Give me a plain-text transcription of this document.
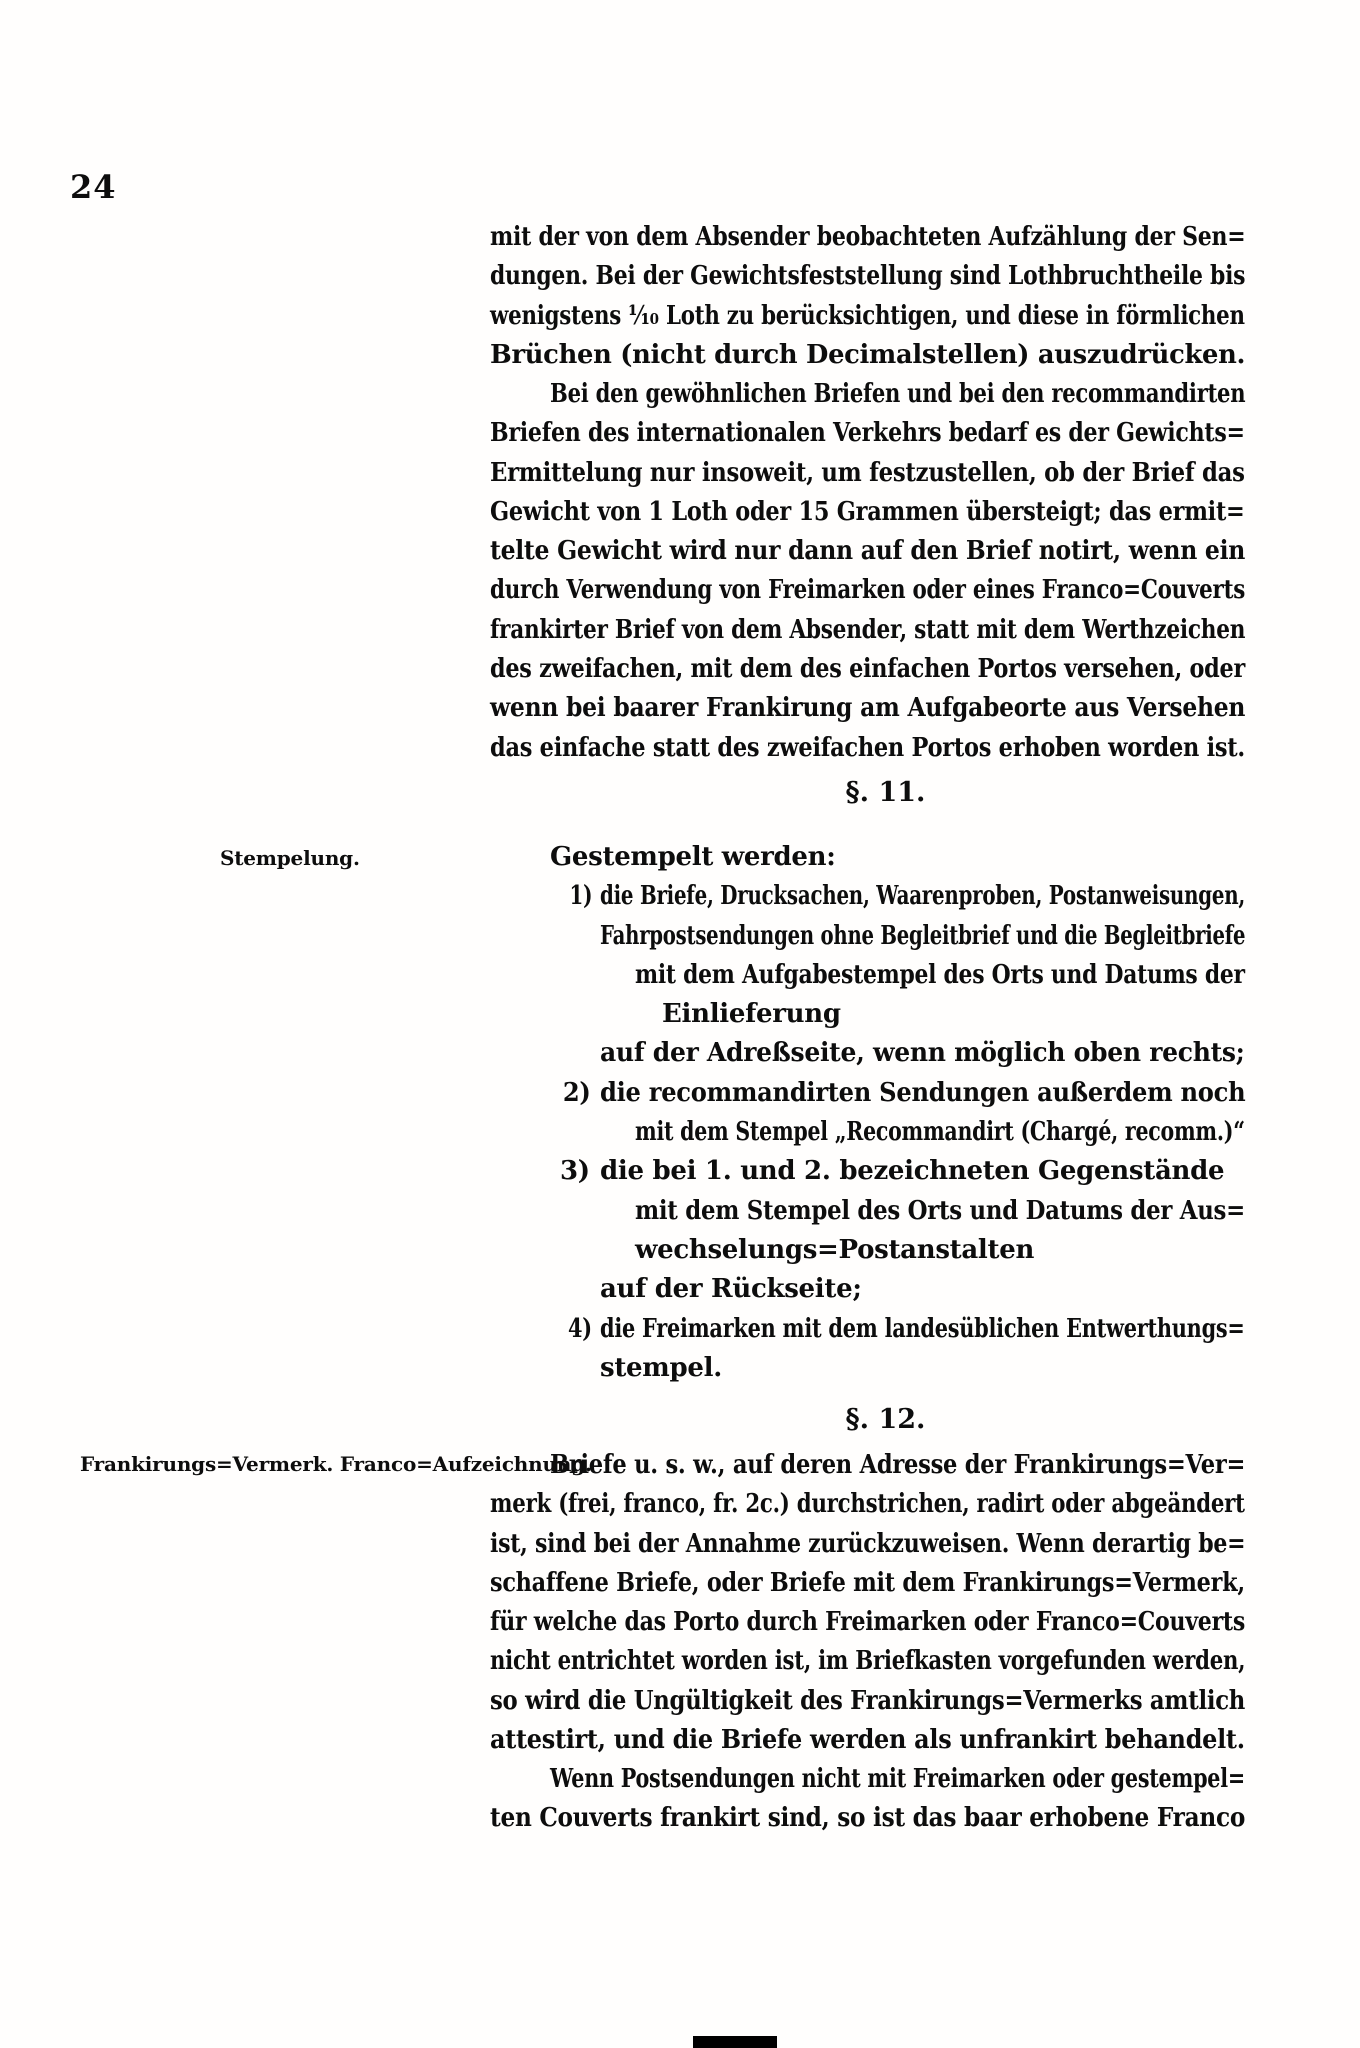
24
Stempelung.
Frankirungs=Vermerk. Franco=Aufzeichnung.
mit der von dem Absender beobachteten Aufzählung der Sen=
dungen. Bei der Gewichtsfeststellung sind Lothbruchtheile bis
wenigstens ¹⁄₁₀ Loth zu berücksichtigen, und diese in förmlichen
Brüchen (nicht durch Decimalstellen) auszudrücken.
Bei den gewöhnlichen Briefen und bei den recommandirten
Briefen des internationalen Verkehrs bedarf es der Gewichts=
Ermittelung nur insoweit, um festzustellen, ob der Brief das
Gewicht von 1 Loth oder 15 Grammen übersteigt; das ermit=
telte Gewicht wird nur dann auf den Brief notirt, wenn ein
durch Verwendung von Freimarken oder eines Franco=Couverts
frankirter Brief von dem Absender, statt mit dem Werthzeichen
des zweifachen, mit dem des einfachen Portos versehen, oder
wenn bei baarer Frankirung am Aufgabeorte aus Versehen
das einfache statt des zweifachen Portos erhoben worden ist.
§. 11.
Gestempelt werden:
1) die Briefe, Drucksachen, Waarenproben, Postanweisungen,
Fahrpostsendungen ohne Begleitbrief und die Begleitbriefe
mit dem Aufgabestempel des Orts und Datums der
Einlieferung
auf der Adreßseite, wenn möglich oben rechts;
2) die recommandirten Sendungen außerdem noch
mit dem Stempel „Recommandirt (Chargé, recomm.)“
3) die bei 1. und 2. bezeichneten Gegenstände
mit dem Stempel des Orts und Datums der Aus=
wechselungs=Postanstalten
auf der Rückseite;
4) die Freimarken mit dem landesüblichen Entwerthungs=
stempel.
§. 12.
Briefe u. s. w., auf deren Adresse der Frankirungs=Ver=
merk (frei, franco, fr. 2c.) durchstrichen, radirt oder abgeändert
ist, sind bei der Annahme zurückzuweisen. Wenn derartig be=
schaffene Briefe, oder Briefe mit dem Frankirungs=Vermerk,
für welche das Porto durch Freimarken oder Franco=Couverts
nicht entrichtet worden ist, im Briefkasten vorgefunden werden,
so wird die Ungültigkeit des Frankirungs=Vermerks amtlich
attestirt, und die Briefe werden als unfrankirt behandelt.
Wenn Postsendungen nicht mit Freimarken oder gestempel=
ten Couverts frankirt sind, so ist das baar erhobene Franco
